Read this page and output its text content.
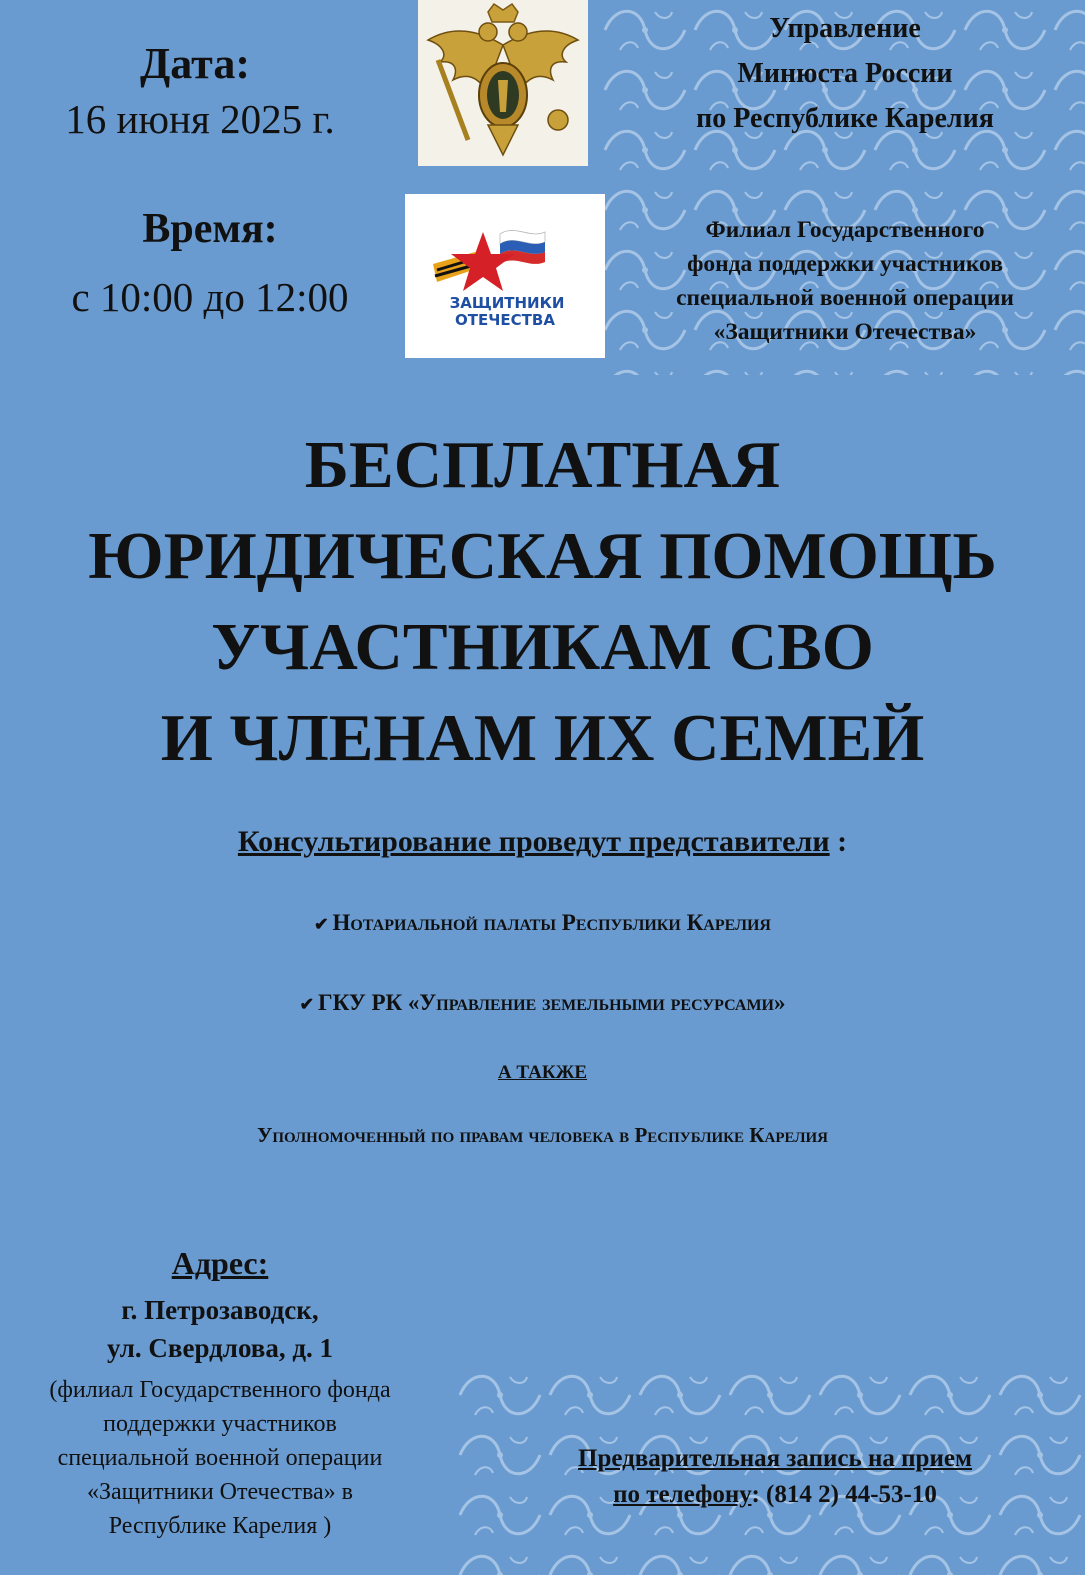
Дата:
16 июня 2025 г.
Время:
с 10:00 до 12:00	ЗАЩИТНИКИ
ОТЕЧЕСТВА
Управление
Минюста России
по Республике Карелия
Филиал Государственного
фонда поддержки участников
специальной военной операции
«Защитники Отечества»
БЕСПЛАТНАЯ
ЮРИДИЧЕСКАЯ ПОМОЩЬ
УЧАСТНИКАМ СВО
И ЧЛЕНАМ ИХ СЕМЕЙ
Консультирование проведут представители :
✔ Нотариальной палаты Республики Карелия
✔ ГКУ РК «Управление земельными ресурсами»
А ТАКЖЕ
Уполномоченный по правам человека в Республике Карелия
Адрес:
г. Петрозаводск,
ул. Свердлова, д. 1
(филиал Государственного фонда
поддержки участников
специальной военной операции
«Защитники Отечества» в
Республике Карелия )
Предварительная запись на прием
по телефону: (814 2) 44-53-10
